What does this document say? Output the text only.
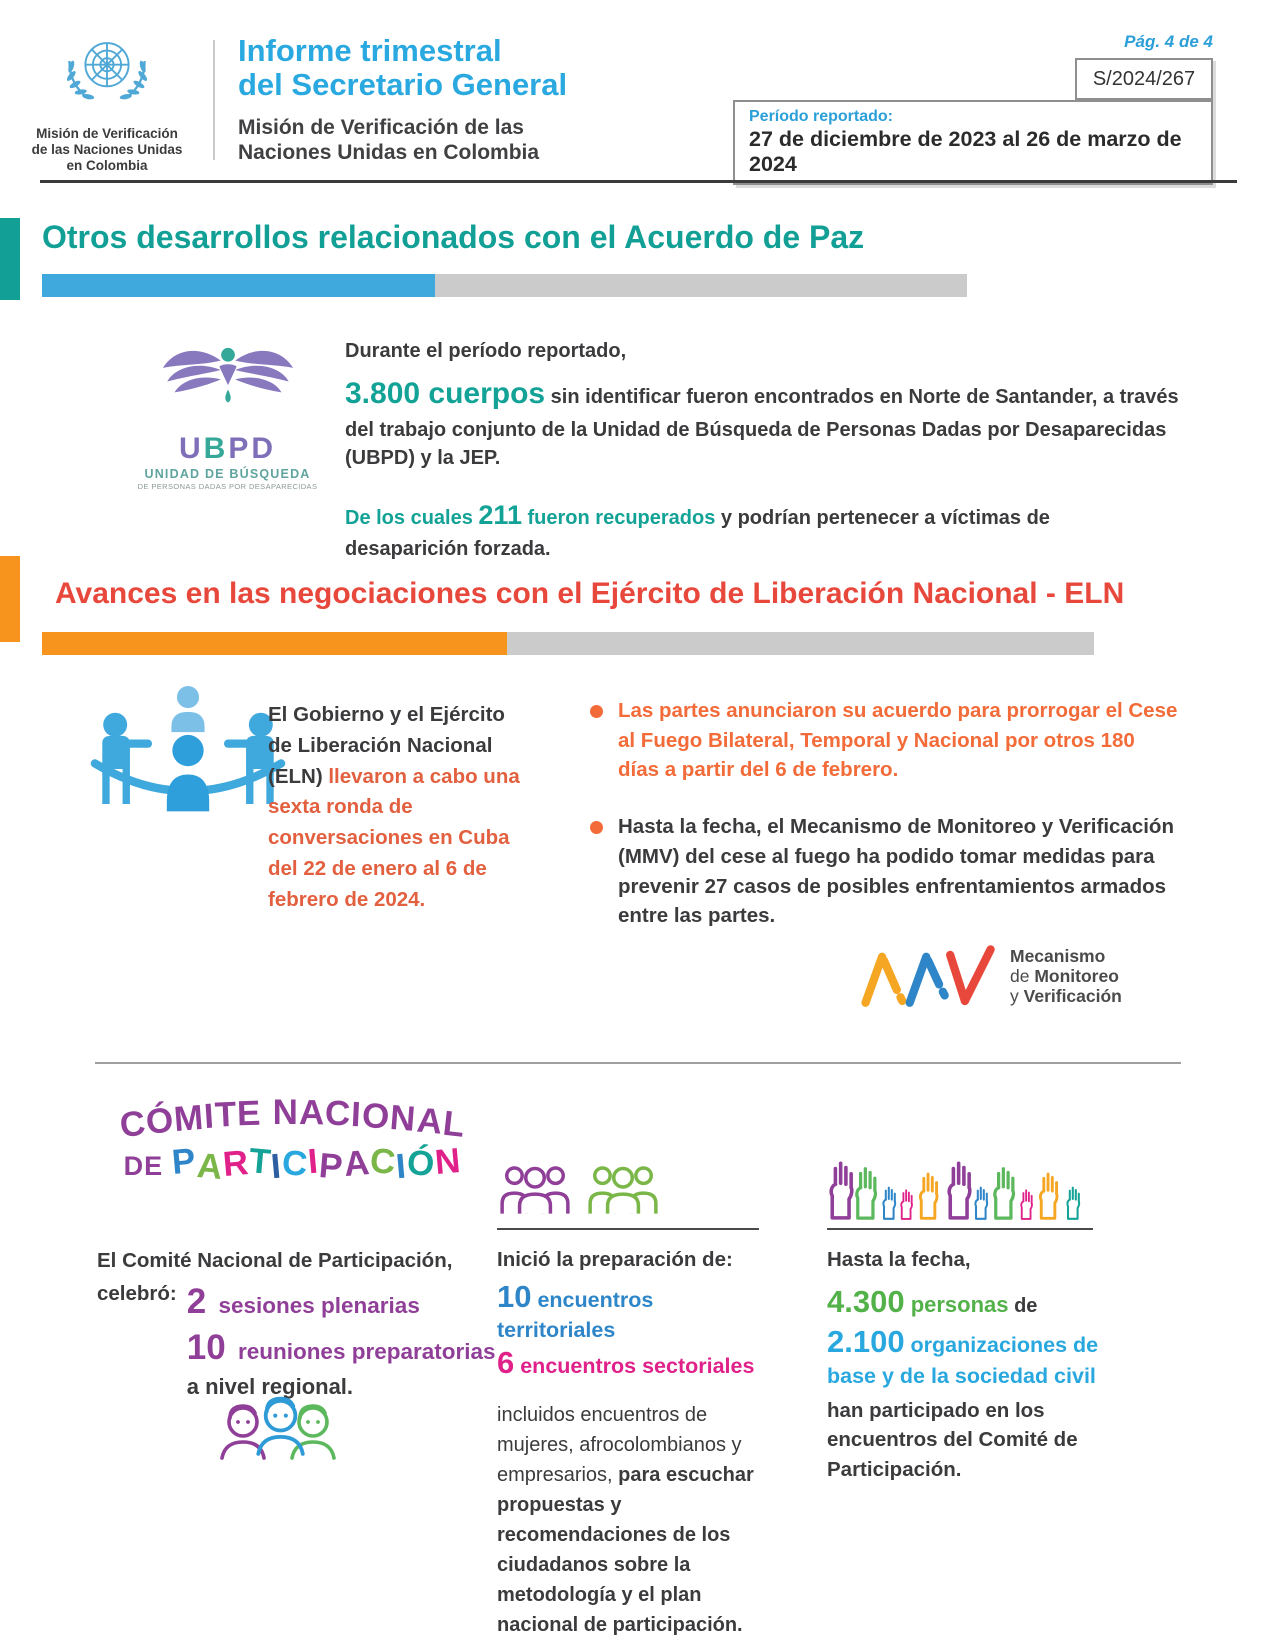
Misión de Verificación
de las Naciones Unidas
en Colombia
Informe trimestral
del Secretario General
Misión de Verificación de las
Naciones Unidas en Colombia
Pág. 4 de 4
S/2024/267
Período reportado:
27 de diciembre de 2023 al 26 de marzo de 2024
Otros desarrollos relacionados con el Acuerdo de Paz
UBPD
UNIDAD DE BÚSQUEDA
DE PERSONAS DADAS POR DESAPARECIDAS

Durante el período reportado,

3.800 cuerpos sin identificar fueron encontrados en Norte de Santander, a través del trabajo conjunto de la Unidad de Búsqueda de Personas Dadas por Desaparecidas (UBPD) y la JEP.

De los cuales 211 fueron recuperados y podrían pertenecer a víctimas de desaparición forzada.

Avances en las negociaciones con el Ejército de Liberación Nacional - ELN

El Gobierno y el Ejército de Liberación Nacional (ELN) llevaron a cabo una sexta ronda de conversaciones en Cuba del 22 de enero al 6 de febrero de 2024.

Las partes anunciaron su acuerdo para prorrogar el Cese al Fuego Bilateral, Temporal y Nacional por otros 180 días a partir del 6 de febrero.
Hasta la fecha, el Mecanismo de Monitoreo y Verificación (MMV) del cese al fuego ha podido tomar medidas para prevenir 27 casos de posibles enfrentamientos armados entre las partes.
Mecanismo
de Monitoreo
y Verificación
CÓMITE NACIONAL
DE PARTICIPACIÓN
El Comité Nacional de Participación,
celebró: 2 sesiones plenarias
10 reuniones preparatorias
a nivel regional.

Inició la preparación de:

10 encuentros territoriales
6 encuentros sectoriales

incluidos encuentros de mujeres, afrocolombianos y empresarios, para escuchar propuestas y recomendaciones de los ciudadanos sobre la metodología y el plan nacional de participación.

Hasta la fecha,
4.300 personas de
2.100 organizaciones de base y de la sociedad civil
han participado en los encuentros del Comité de Participación.
